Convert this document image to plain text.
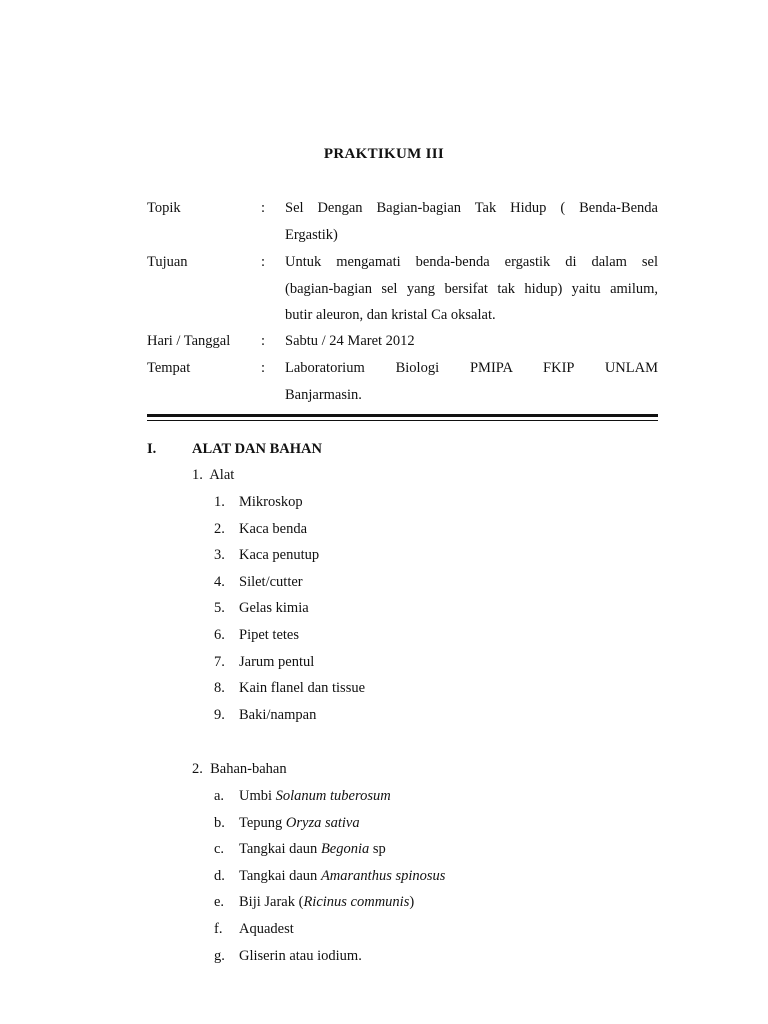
PRAKTIKUM III
Topik	: Sel Dengan Bagian-bagian Tak Hidup ( Benda-Benda
Ergastik)
Tujuan	: Untuk mengamati benda-benda ergastik di dalam sel
(bagian-bagian sel yang bersifat tak hidup) yaitu amilum,
butir aleuron, dan kristal Ca oksalat.
Hari / Tanggal : Sabtu / 24 Maret 2012
Tempat	: Laboratorium Biologi PMIPA FKIP UNLAM
Banjarmasin.
I. ALAT DAN BAHAN
1. Alat
1. Mikroskop
2. Kaca benda
3. Kaca penutup
4. Silet/cutter
5. Gelas kimia
6. Pipet tetes
7. Jarum pentul
8. Kain flanel dan tissue
9. Baki/nampan
2. Bahan-bahan
a. Umbi Solanum tuberosum
b. Tepung Oryza sativa
c. Tangkai daun Begonia sp
d. Tangkai daun Amaranthus spinosus
e. Biji Jarak (Ricinus communis)
f. Aquadest
g. Gliserin atau iodium.
